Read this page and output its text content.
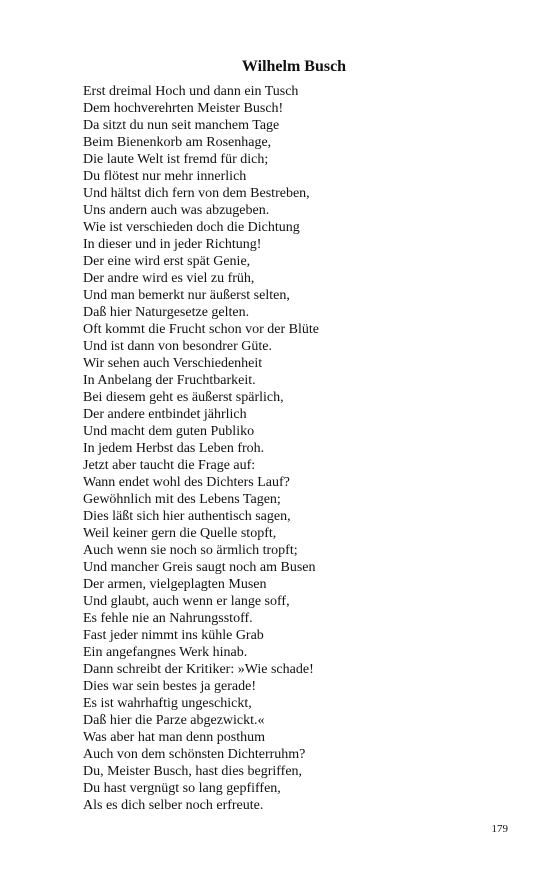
Wilhelm Busch
Erst dreimal Hoch und dann ein Tusch
Dem hochverehrten Meister Busch!
Da sitzt du nun seit manchem Tage
Beim Bienenkorb am Rosenhage,
Die laute Welt ist fremd für dich;
Du flötest nur mehr innerlich
Und hältst dich fern von dem Bestreben,
Uns andern auch was abzugeben.
Wie ist verschieden doch die Dichtung
In dieser und in jeder Richtung!
Der eine wird erst spät Genie,
Der andre wird es viel zu früh,
Und man bemerkt nur äußerst selten,
Daß hier Naturgesetze gelten.
Oft kommt die Frucht schon vor der Blüte
Und ist dann von besondrer Güte.
Wir sehen auch Verschiedenheit
In Anbelang der Fruchtbarkeit.
Bei diesem geht es äußerst spärlich,
Der andere entbindet jährlich
Und macht dem guten Publiko
In jedem Herbst das Leben froh.
Jetzt aber taucht die Frage auf:
Wann endet wohl des Dichters Lauf?
Gewöhnlich mit des Lebens Tagen;
Dies läßt sich hier authentisch sagen,
Weil keiner gern die Quelle stopft,
Auch wenn sie noch so ärmlich tropft;
Und mancher Greis saugt noch am Busen
Der armen, vielgeplagten Musen
Und glaubt, auch wenn er lange soff,
Es fehle nie an Nahrungsstoff.
Fast jeder nimmt ins kühle Grab
Ein angefangnes Werk hinab.
Dann schreibt der Kritiker: »Wie schade!
Dies war sein bestes ja gerade!
Es ist wahrhaftig ungeschickt,
Daß hier die Parze abgezwickt.«
Was aber hat man denn posthum
Auch von dem schönsten Dichterruhm?
Du, Meister Busch, hast dies begriffen,
Du hast vergnügt so lang gepfiffen,
Als es dich selber noch erfreute.
179
